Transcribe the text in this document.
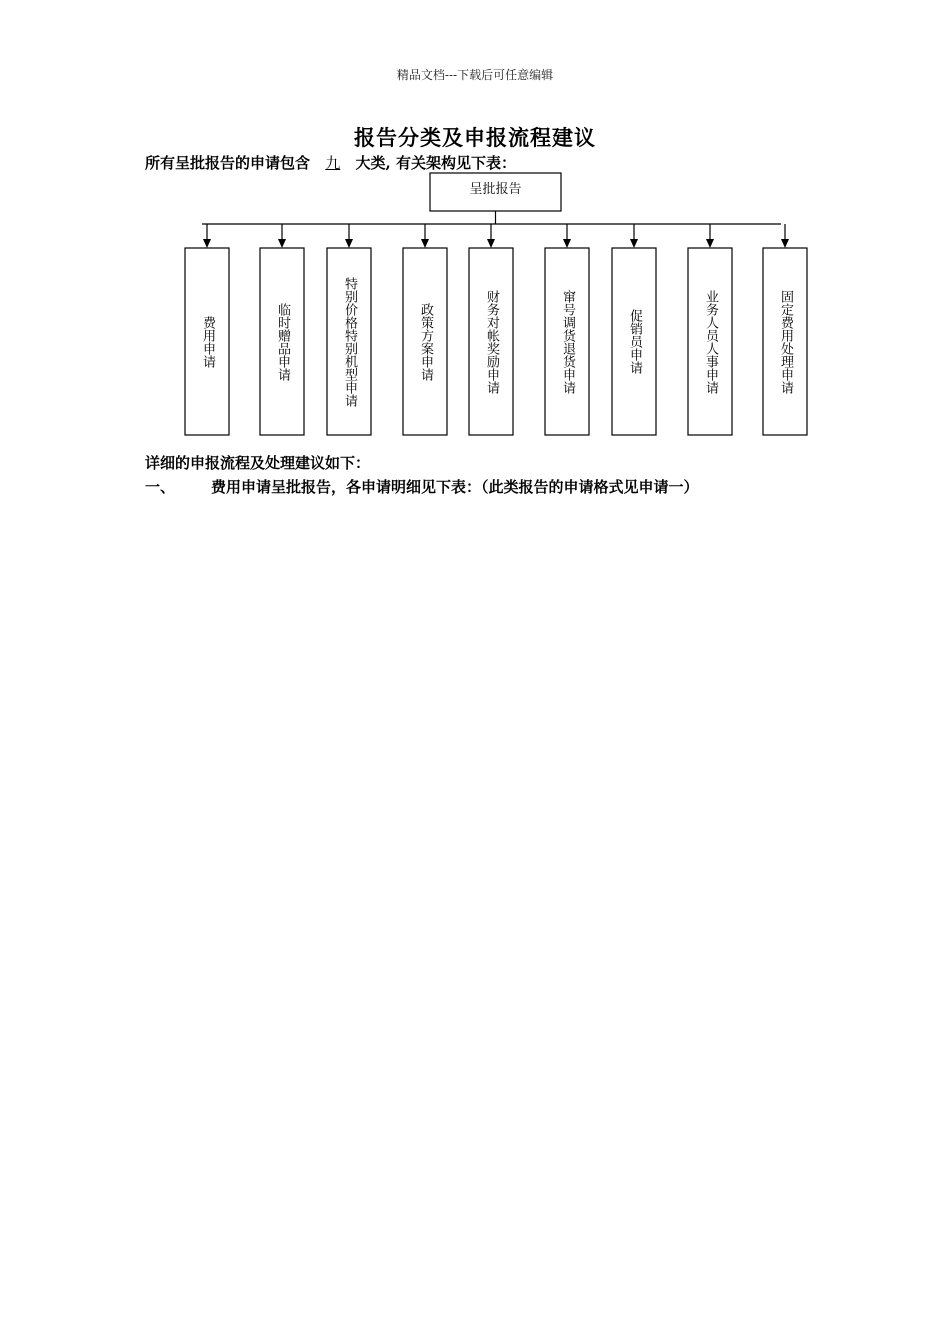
精品文档---下载后可任意编辑
报告分类及申报流程建议
所有呈批报告的申请包含 九 大类, 有关架构见下表：
呈批报告
费用申请	临时赠品申请	特别价格特别机型申请	政策方案申请	财务对帐奖励申请	窜号调货退货申请	促销员申请	业务人员人事申请	固定费用处理申请
详细的申报流程及处理建议如下：
一、 费用申请呈批报告，各申请明细见下表：（此类报告的申请格式见申请一）
